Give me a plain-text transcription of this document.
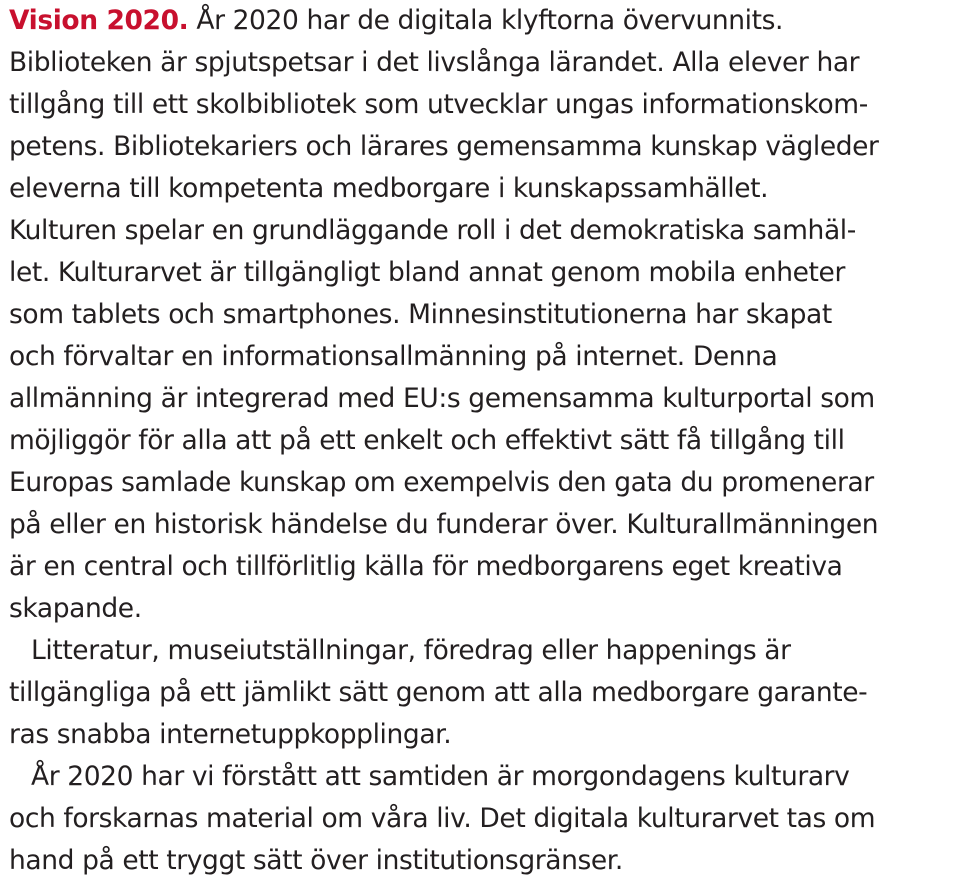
Vision 2020. År 2020 har de digitala klyftorna övervunnits.
Biblioteken är spjutspetsar i det livslånga lärandet. Alla elever har
tillgång till ett skolbibliotek som utvecklar ungas informationskom-
petens. Bibliotekariers och lärares gemensamma kunskap vägleder
eleverna till kompetenta medborgare i kunskapssamhället.
Kulturen spelar en grundläggande roll i det demokratiska samhäl-
let. Kulturarvet är tillgängligt bland annat genom mobila enheter
som tablets och smartphones. Minnesinstitutionerna har skapat
och förvaltar en informationsallmänning på internet. Denna
allmänning är integrerad med EU:s gemensamma kulturportal som
möjliggör för alla att på ett enkelt och effektivt sätt få tillgång till
Europas samlade kunskap om exempelvis den gata du promenerar
på eller en historisk händelse du funderar över. Kulturallmänningen
är en central och tillförlitlig källa för medborgarens eget kreativa
skapande.
Litteratur, museiutställningar, föredrag eller happenings är
tillgängliga på ett jämlikt sätt genom att alla medborgare garante-
ras snabba internetuppkopplingar.
År 2020 har vi förstått att samtiden är morgondagens kulturarv
och forskarnas material om våra liv. Det digitala kulturarvet tas om
hand på ett tryggt sätt över institutionsgränser.
